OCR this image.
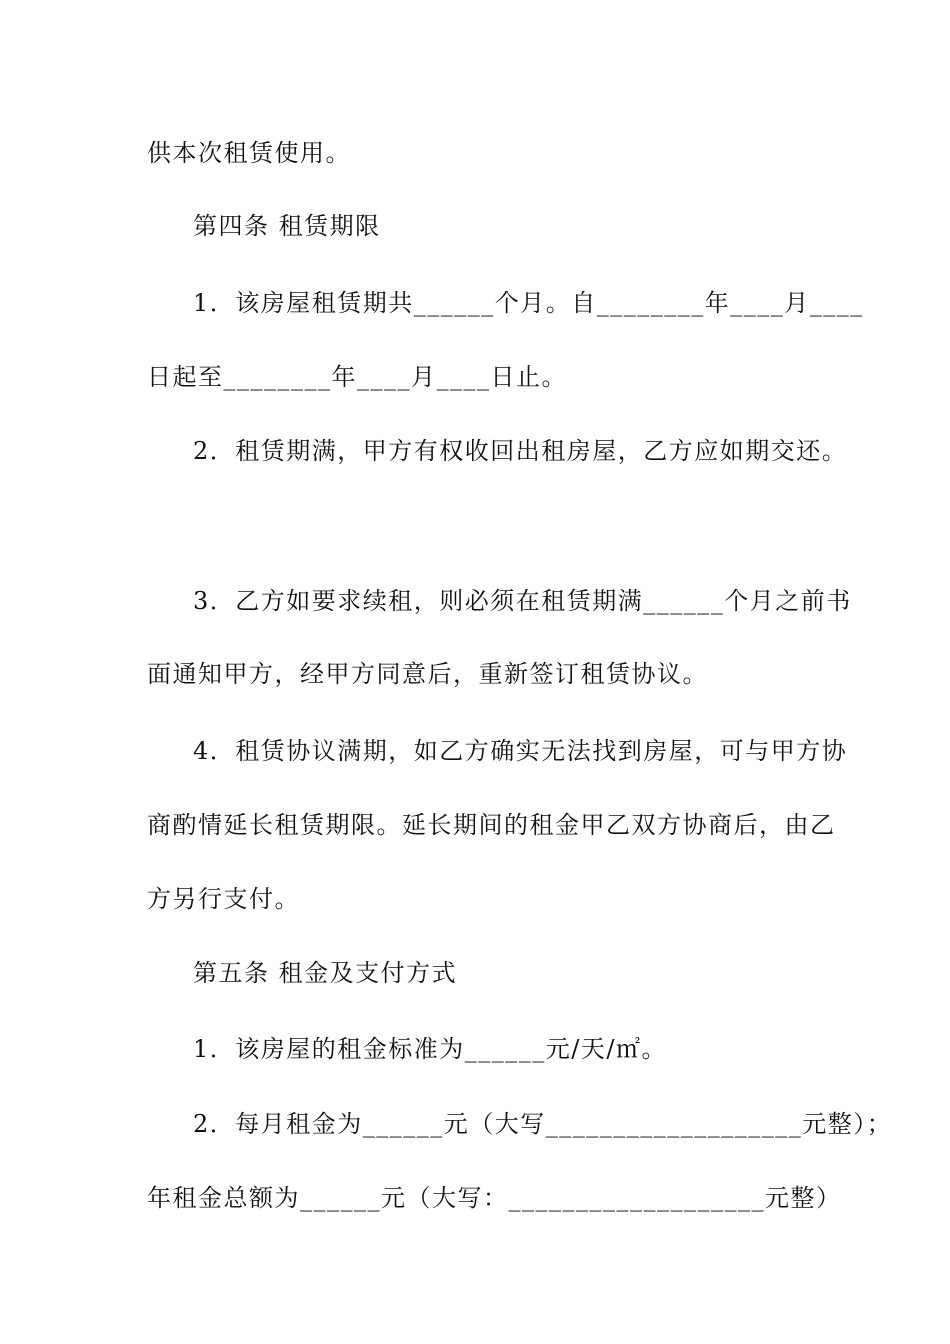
供本次租赁使用。
第四条 租赁期限
1．该房屋租赁期共______个月。自________年____月____
日起至________年____月____日止。
2．租赁期满，甲方有权收回出租房屋，乙方应如期交还。
3．乙方如要求续租，则必须在租赁期满______个月之前书
面通知甲方，经甲方同意后，重新签订租赁协议。
4．租赁协议满期，如乙方确实无法找到房屋，可与甲方协
商酌情延长租赁期限。延长期间的租金甲乙双方协商后，由乙
方另行支付。
第五条 租金及支付方式
1．该房屋的租金标准为______元/天/㎡。
2．每月租金为______元（大写___________________元整）；
年租金总额为______元（大写：___________________元整）
